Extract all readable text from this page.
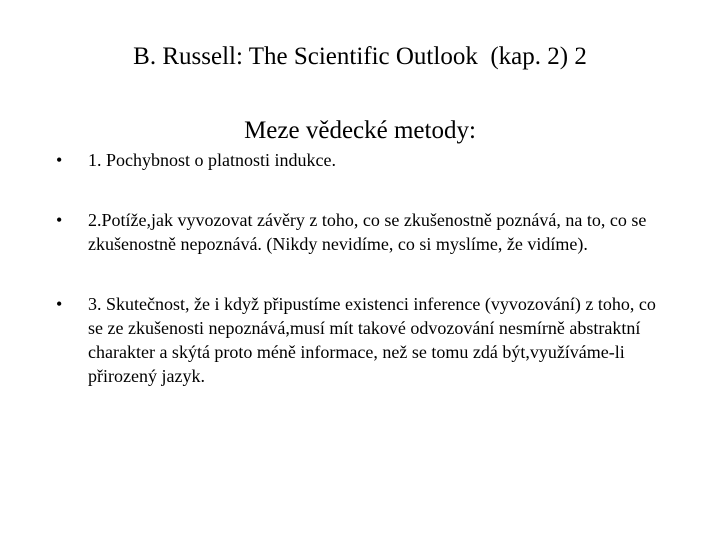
B. Russell: The Scientific Outlook  (kap. 2) 2
Meze vědecké metody:
•	1. Pochybnost o platnosti indukce.
•	2.Potíže,jak vyvozovat závěry z toho, co se zkušenostně poznává, na to, co se zkušenostně nepoznává. (Nikdy nevidíme, co si myslíme, že vidíme).
•	3. Skutečnost, že i když připustíme existenci inference (vyvozování) z toho, co se ze zkušenosti nepoznává,musí mít takové odvozování nesmírně abstraktní charakter a skýtá proto méně informace, než se tomu zdá být,využíváme-li přirozený jazyk.
